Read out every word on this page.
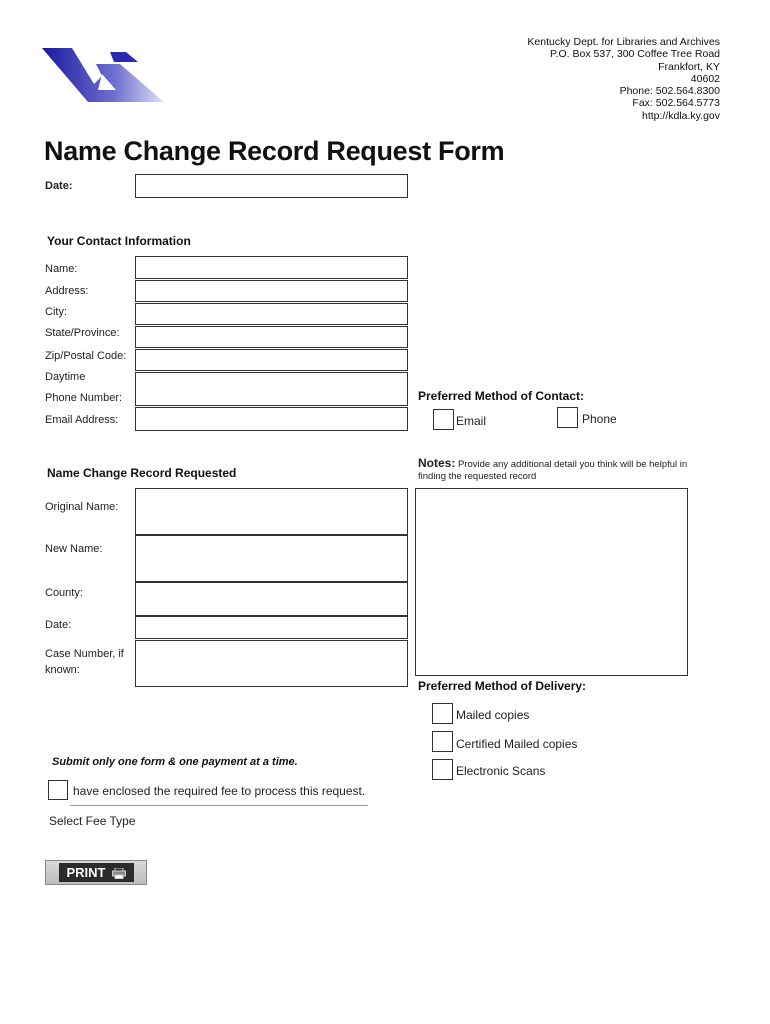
Kentucky Dept. for Libraries and Archives
P.O. Box 537, 300 Coffee Tree Road
Frankfort, KY
40602
Phone: 502.564.8300
Fax: 502.564.5773
http://kdla.ky.gov
Name Change Record Request Form
Date:
Your Contact Information
Name:
Address:
City:
State/Province:
Zip/Postal Code:
Daytime
Phone Number:
Email Address:
Preferred Method of Contact:
Email	Phone
Name Change Record Requested
Original Name:
New Name:
County:
Date:
Case Number, if
known:
Notes: Provide any additional detail you think will be helpful in
finding the requested record
Preferred Method of Delivery:
Mailed copies
Certified Mailed copies
Electronic Scans
Submit only one form & one payment at a time.
have enclosed the required fee to process this request.
Select Fee Type
PRINT
